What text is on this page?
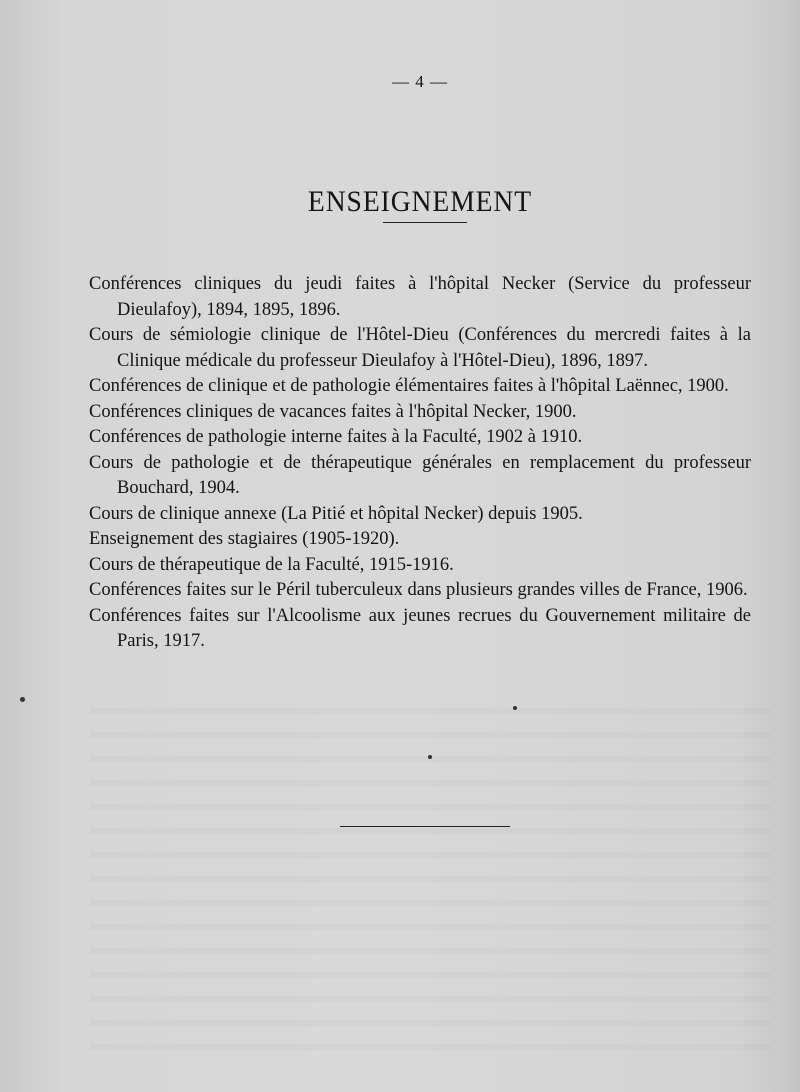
— 4 —
ENSEIGNEMENT
Conférences cliniques du jeudi faites à l'hôpital Necker (Service du professeur Dieulafoy), 1894, 1895, 1896.
Cours de sémiologie clinique de l'Hôtel-Dieu (Conférences du mercredi faites à la Clinique médicale du professeur Dieulafoy à l'Hôtel-Dieu), 1896, 1897.
Conférences de clinique et de pathologie élémentaires faites à l'hôpital Laënnec, 1900.
Conférences cliniques de vacances faites à l'hôpital Necker, 1900.
Conférences de pathologie interne faites à la Faculté, 1902 à 1910.
Cours de pathologie et de thérapeutique générales en remplacement du professeur Bouchard, 1904.
Cours de clinique annexe (La Pitié et hôpital Necker) depuis 1905.
Enseignement des stagiaires (1905-1920).
Cours de thérapeutique de la Faculté, 1915-1916.
Conférences faites sur le Péril tuberculeux dans plusieurs grandes villes de France, 1906.
Conférences faites sur l'Alcoolisme aux jeunes recrues du Gouvernement militaire de Paris, 1917.
